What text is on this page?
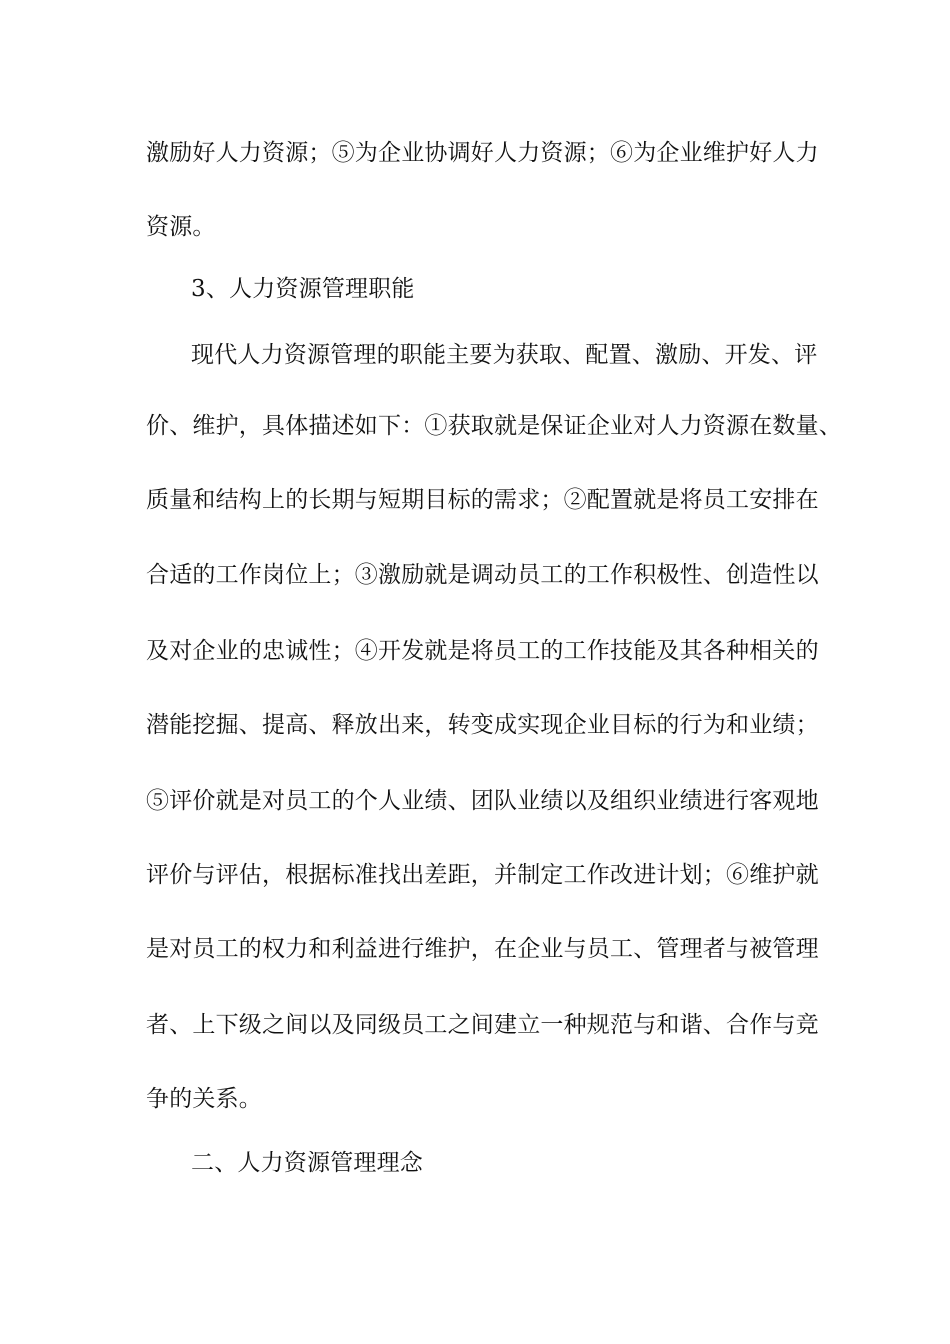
激励好人力资源；⑤为企业协调好人力资源；⑥为企业维护好人力
资源。
3、人力资源管理职能
现代人力资源管理的职能主要为获取、配置、激励、开发、评
价、维护，具体描述如下：①获取就是保证企业对人力资源在数量、
质量和结构上的长期与短期目标的需求；②配置就是将员工安排在
合适的工作岗位上；③激励就是调动员工的工作积极性、创造性以
及对企业的忠诚性；④开发就是将员工的工作技能及其各种相关的
潜能挖掘、提高、释放出来，转变成实现企业目标的行为和业绩；
⑤评价就是对员工的个人业绩、团队业绩以及组织业绩进行客观地
评价与评估，根据标准找出差距，并制定工作改进计划；⑥维护就
是对员工的权力和利益进行维护，在企业与员工、管理者与被管理
者、上下级之间以及同级员工之间建立一种规范与和谐、合作与竞
争的关系。
二、人力资源管理理念
